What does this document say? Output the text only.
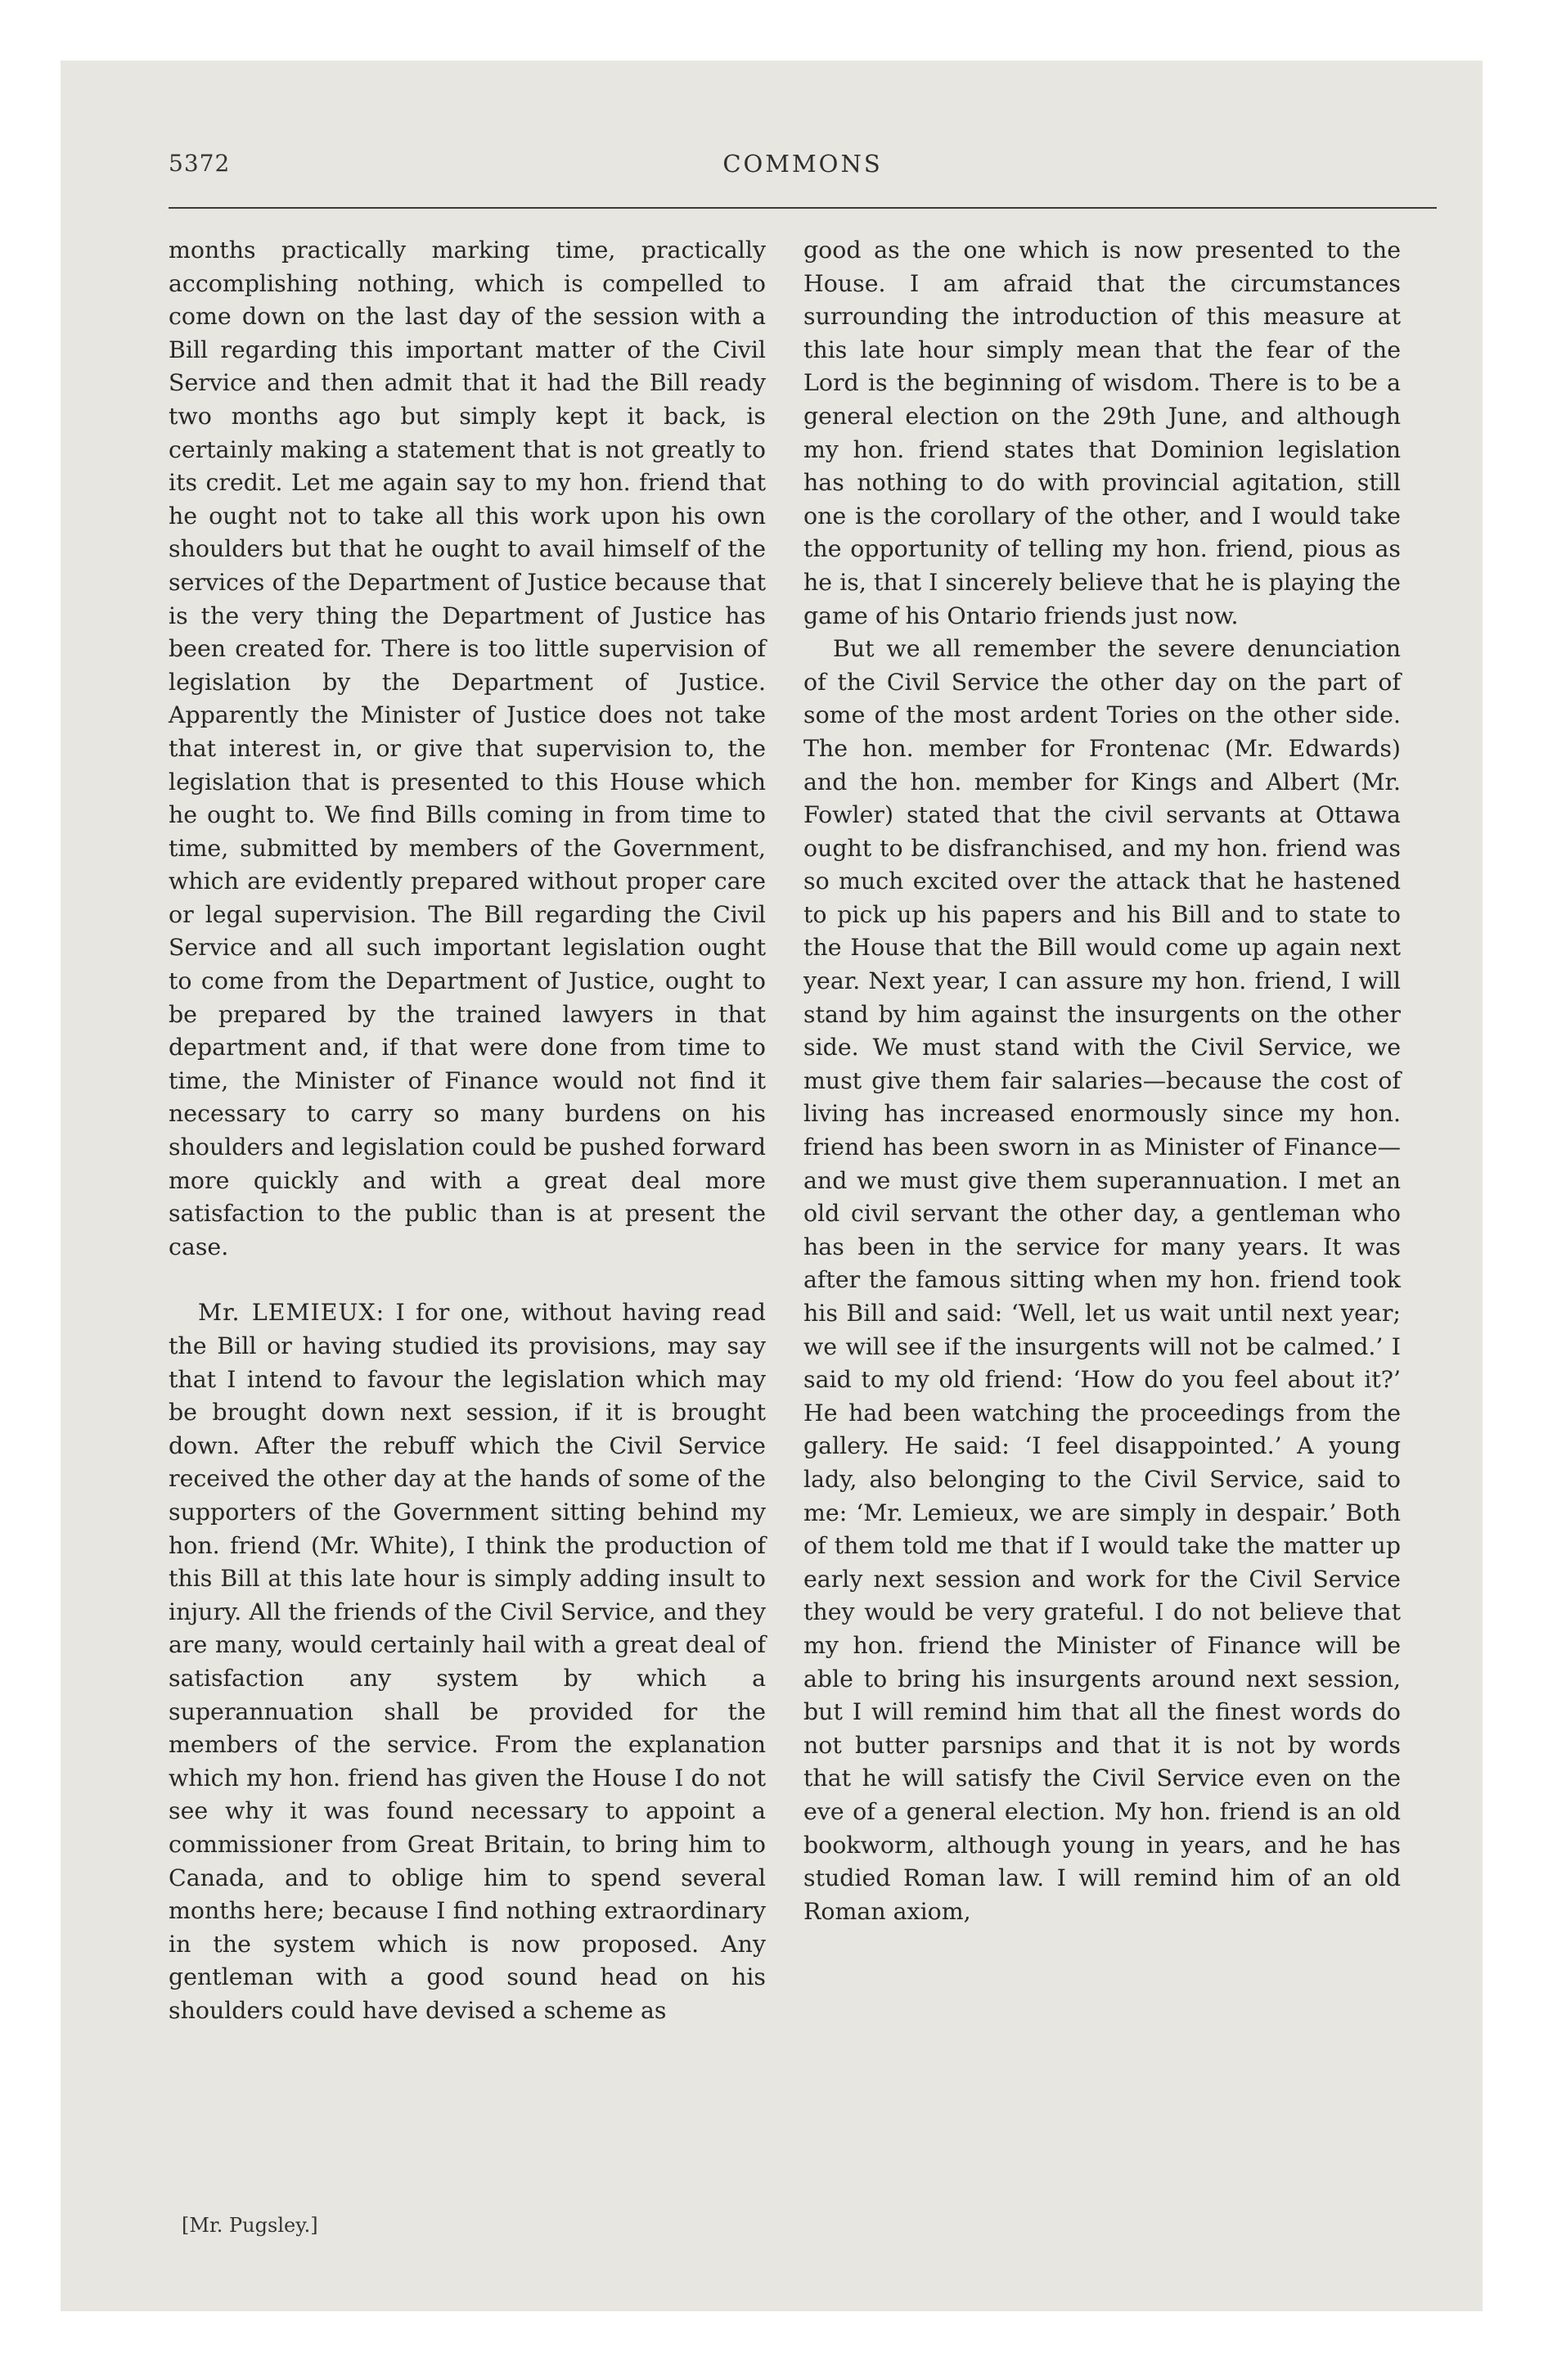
5372	COMMONS

months practically marking time, practically accomplishing nothing, which is compelled to come down on the last day of the session with a Bill regarding this important matter of the Civil Service and then admit that it had the Bill ready two months ago but simply kept it back, is certainly making a statement that is not greatly to its credit. Let me again say to my hon. friend that he ought not to take all this work upon his own shoulders but that he ought to avail himself of the services of the Department of Justice because that is the very thing the Department of Justice has been created for. There is too little supervision of legislation by the Department of Justice. Apparently the Minister of Justice does not take that interest in, or give that supervision to, the legislation that is presented to this House which he ought to. We find Bills coming in from time to time, submitted by members of the Government, which are evidently prepared without proper care or legal supervision. The Bill regarding the Civil Service and all such important legislation ought to come from the Department of Justice, ought to be prepared by the trained lawyers in that department and, if that were done from time to time, the Minister of Finance would not find it necessary to carry so many burdens on his shoulders and legislation could be pushed forward more quickly and with a great deal more satisfaction to the public than is at present the case.

Mr. LEMIEUX: I for one, without having read the Bill or having studied its provisions, may say that I intend to favour the legislation which may be brought down next session, if it is brought down. After the rebuff which the Civil Service received the other day at the hands of some of the supporters of the Government sitting behind my hon. friend (Mr. White), I think the production of this Bill at this late hour is simply adding insult to injury. All the friends of the Civil Service, and they are many, would certainly hail with a great deal of satisfaction any system by which a superannuation shall be provided for the members of the service. From the explanation which my hon. friend has given the House I do not see why it was found necessary to appoint a commissioner from Great Britain, to bring him to Canada, and to oblige him to spend several months here; because I find nothing extraordinary in the system which is now proposed. Any gentleman with a good sound head on his shoulders could have devised a scheme as

good as the one which is now presented to the House. I am afraid that the circumstances surrounding the introduction of this measure at this late hour simply mean that the fear of the Lord is the beginning of wisdom. There is to be a general election on the 29th June, and although my hon. friend states that Dominion legislation has nothing to do with provincial agitation, still one is the corollary of the other, and I would take the opportunity of telling my hon. friend, pious as he is, that I sincerely believe that he is playing the game of his Ontario friends just now.

But we all remember the severe denunciation of the Civil Service the other day on the part of some of the most ardent Tories on the other side. The hon. member for Frontenac (Mr. Edwards) and the hon. member for Kings and Albert (Mr. Fowler) stated that the civil servants at Ottawa ought to be disfranchised, and my hon. friend was so much excited over the attack that he hastened to pick up his papers and his Bill and to state to the House that the Bill would come up again next year. Next year, I can assure my hon. friend, I will stand by him against the insurgents on the other side. We must stand with the Civil Service, we must give them fair salaries—because the cost of living has increased enormously since my hon. friend has been sworn in as Minister of Finance—and we must give them superannuation. I met an old civil servant the other day, a gentleman who has been in the service for many years. It was after the famous sitting when my hon. friend took his Bill and said: ‘Well, let us wait until next year; we will see if the insurgents will not be calmed.’ I said to my old friend: ‘How do you feel about it?’ He had been watching the proceedings from the gallery. He said: ‘I feel disappointed.’ A young lady, also belonging to the Civil Service, said to me: ‘Mr. Lemieux, we are simply in despair.’ Both of them told me that if I would take the matter up early next session and work for the Civil Service they would be very grateful. I do not believe that my hon. friend the Minister of Finance will be able to bring his insurgents around next session, but I will remind him that all the finest words do not butter parsnips and that it is not by words that he will satisfy the Civil Service even on the eve of a general election. My hon. friend is an old bookworm, although young in years, and he has studied Roman law. I will remind him of an old Roman axiom,

[Mr. Pugsley.]
